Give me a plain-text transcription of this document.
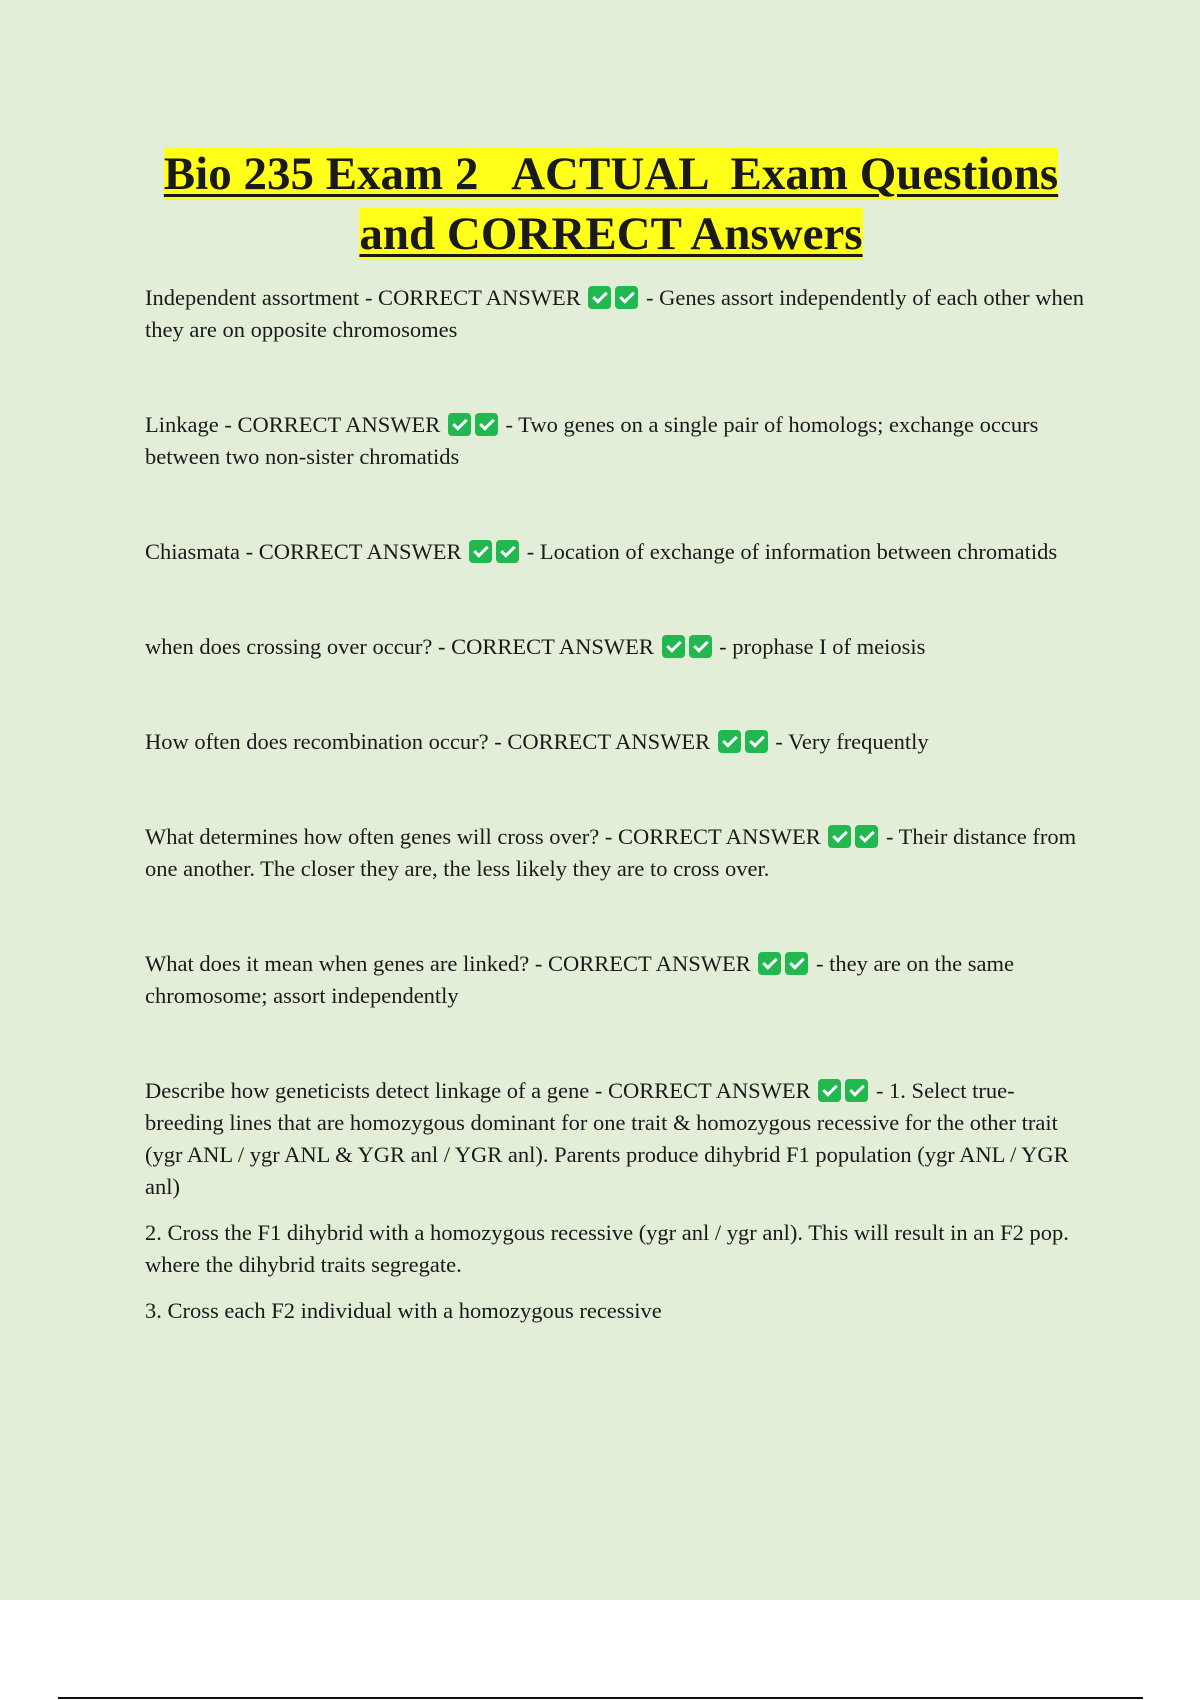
Bio 235 Exam 2   ACTUAL  Exam Questions
and CORRECT Answers

Independent assortment - CORRECT ANSWER	- Genes assort independently of each other when they are on opposite chromosomes

Linkage - CORRECT ANSWER	- Two genes on a single pair of homologs; exchange occurs between two non-sister chromatids

Chiasmata - CORRECT ANSWER	- Location of exchange of information between chromatids

when does crossing over occur? - CORRECT ANSWER	- prophase I of meiosis

How often does recombination occur? - CORRECT ANSWER	- Very frequently

What determines how often genes will cross over? - CORRECT ANSWER	- Their distance from one another. The closer they are, the less likely they are to cross over.

What does it mean when genes are linked? - CORRECT ANSWER	- they are on the same chromosome; assort independently

Describe how geneticists detect linkage of a gene - CORRECT ANSWER	- 1. Select true-breeding lines that are homozygous dominant for one trait & homozygous recessive for the other trait (ygr ANL / ygr ANL & YGR anl / YGR anl). Parents produce dihybrid F1 population (ygr ANL / YGR anl)

2. Cross the F1 dihybrid with a homozygous recessive (ygr anl / ygr anl). This will result in an F2 pop. where the dihybrid traits segregate.

3. Cross each F2 individual with a homozygous recessive
